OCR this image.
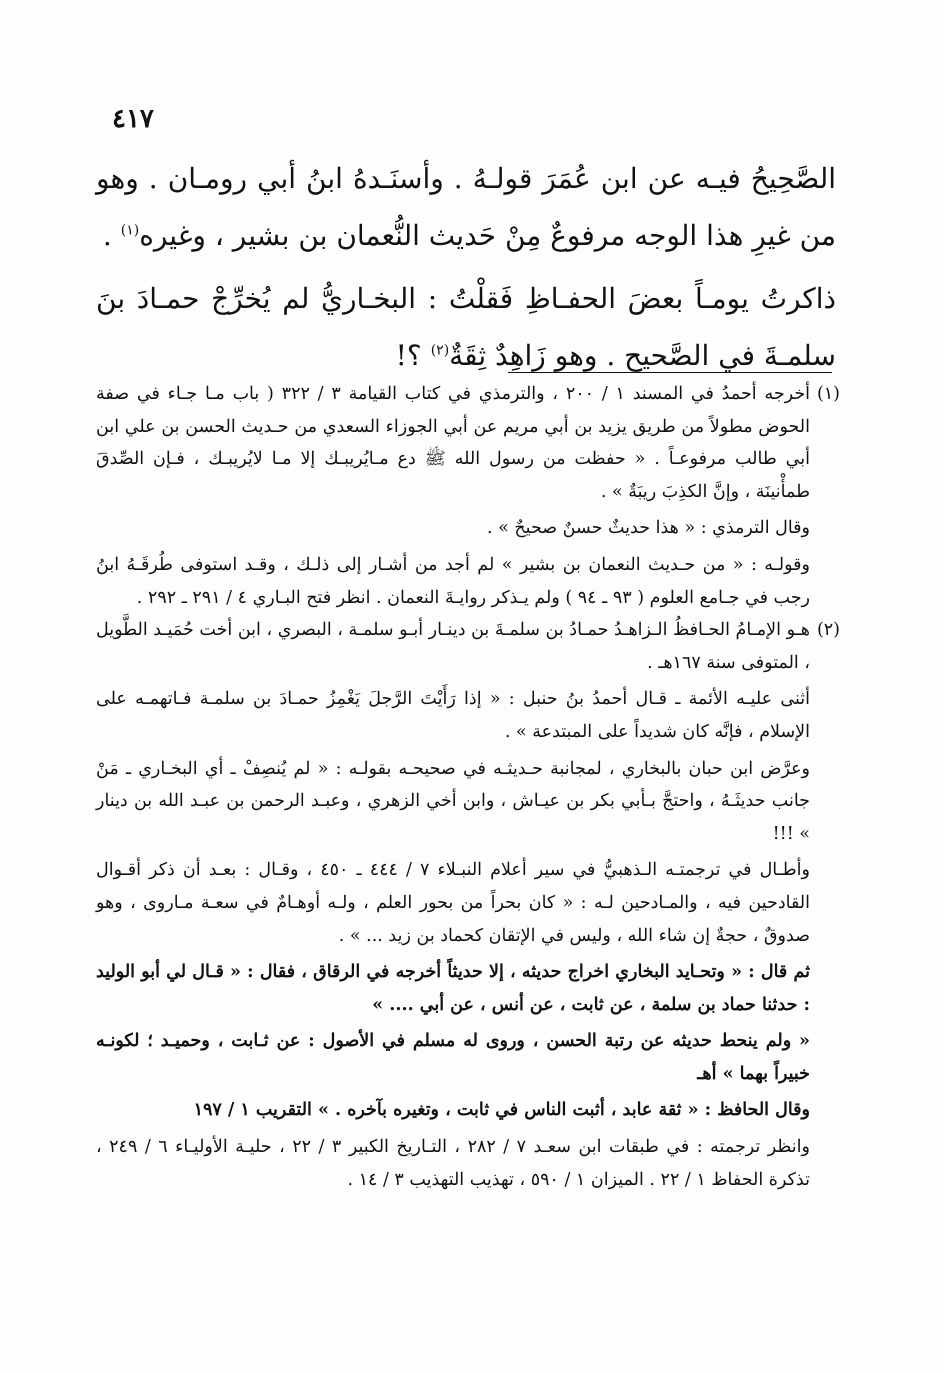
٤١٧

الصَّحِيحُ فيـه عن ابن عُمَرَ قولـهُ . وأسنَـدهُ ابنُ أبي رومـان . وهو من غيرِ هذا الوجه مرفوعٌ مِنْ حَديث النُّعمان بن بشير ، وغيره$^{(١)}$ .

ذاكرتُ يومـاً بعضَ الحفـاظِ فَقلْتُ : البخـاريُّ لم يُخرِّجْ حمـادَ بنَ سلمـةَ في الصَّحيح . وهو زَاهِدٌ ثِقَةٌ$^{(٢)}$ ؟!

(١)

أخرجه أحمدُ في المسند ١ / ٢٠٠ ، والترمذي في كتاب القيامة ٣ / ٣٢٢ ( باب مـا جـاء في صفة الحوض مطولاً من طريق يزيد بن أبي مريم عن أبي الجوزاء السعدي من حـديث الحسن بن علي ابن أبي طالب مرفوعـاً . « حفظت من رسول الله ﷺ دع مـايُريبـك إلا مـا لايُريبـك ، فـإن الصِّدقَ طمأْنينَة ، وإنَّ الكذِبَ ريبَةٌ » .

وقال الترمذي : « هذا حديثٌ حسنٌ صحيحٌ » .

وقولـه : « من حـديث النعمان بن بشير » لم أجد من أشـار إلى ذلـك ، وقـد استوفى طُرقَـهُ ابنُ رجب في جـامع العلوم ( ٩٣ ـ ٩٤ ) ولم يـذكر روايـةَ النعمان . انظر فتح البـاري ٤ / ٢٩١ ـ ٢٩٢ .

(٢)

هـو الإمـامُ الحـافظُ الـزاهـدُ حمـادُ بن سلمـةَ بن دينـار أبـو سلمـة ، البصري ، ابن أخت حُمَيـد الطَّويل ، المتوفى سنة ١٦٧هـ .

أثنى عليـه الأئمة ـ قـال أحمدُ بنُ حنبل : « إذا رَأَيْتَ الرَّجلَ يَغْمِزُ حمـادَ بن سلمـة فـاتهمـه على الإسلام ، فإنَّه كان شديداً على المبتدعة » .

وعرَّض ابن حبان بالبخاري ، لمجانبة حـديثـه في صحيحـه بقولـه : « لم يُنصِفْ ـ أي البخـاري ـ مَنْ جانب حديثَـهُ ، واحتجَّ بـأبي بكر بن عيـاش ، وابن أخي الزهري ، وعبـد الرحمن بن عبـد الله بن دينار » !!!

وأطـال في ترجمتـه الـذهبيُّ في سير أعلام النبـلاء ٧ / ٤٤٤ ـ ٤٥٠ ، وقـال : بعـد أن ذكر أقـوال القادحين فيه ، والمـادحين لـه : « كان بحراً من بحور العلم ، ولـه أوهـامٌ في سعـة مـاروى ، وهو صدوقٌ ، حجةٌ إن شاء الله ، وليس في الإتقان كحماد بن زيد ... » .

ثم قال : « وتحـايد البخاري اخراج حديثه ، إلا حديثاً أخرجه في الرقاق ، فقال : « قـال لي أبو الوليد : حدثنا حماد بن سلمة ، عن ثابت ، عن أنس ، عن أبي .... »

« ولم ينحط حديثه عن رتبة الحسن ، وروى له مسلم في الأصول : عن ثـابت ، وحميـد ؛ لكونـه خبيراً بهما » أهـ

وقال الحافظ : « ثقة عابد ، أثبت الناس في ثابت ، وتغيره بآخره . » التقريب ١ / ١٩٧

وانظر ترجمته : في طبقات ابن سعـد ٧ / ٢٨٢ ، التـاريخ الكبير ٣ / ٢٢ ، حليـة الأوليـاء ٦ / ٢٤٩ ، تذكرة الحفاظ ١ / ٢٢ . الميزان ١ / ٥٩٠ ، تهذيب التهذيب ٣ / ١٤ .
